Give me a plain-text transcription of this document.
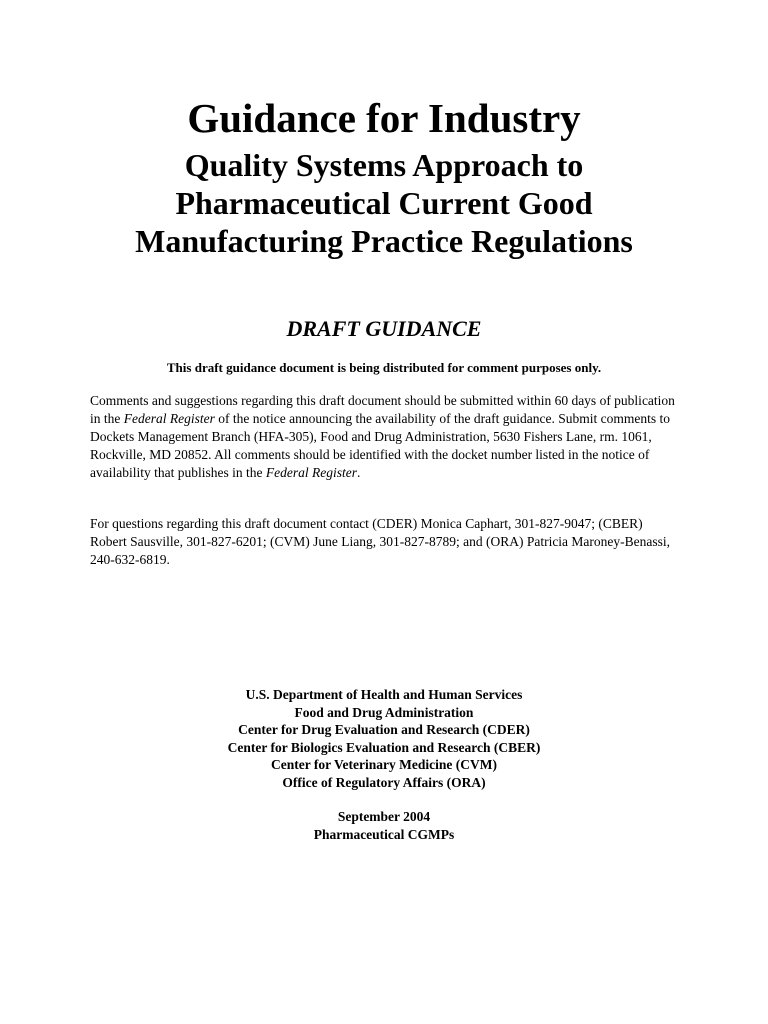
Guidance for Industry
Quality Systems Approach to
Pharmaceutical Current Good
Manufacturing Practice Regulations
DRAFT GUIDANCE

This draft guidance document is being distributed for comment purposes only.

Comments and suggestions regarding this draft document should be submitted within 60 days of publication in the Federal Register of the notice announcing the availability of the draft guidance. Submit comments to Dockets Management Branch (HFA-305), Food and Drug Administration, 5630 Fishers Lane, rm. 1061, Rockville, MD 20852. All comments should be identified with the docket number listed in the notice of availability that publishes in the Federal Register.

For questions regarding this draft document contact (CDER) Monica Caphart, 301-827-9047; (CBER) Robert Sausville, 301-827-6201; (CVM) June Liang, 301-827-8789; and (ORA) Patricia Maroney-Benassi, 240-632-6819.

U.S. Department of Health and Human Services
Food and Drug Administration
Center for Drug Evaluation and Research (CDER)
Center for Biologics Evaluation and Research (CBER)
Center for Veterinary Medicine (CVM)
Office of Regulatory Affairs (ORA)
September 2004
Pharmaceutical CGMPs
